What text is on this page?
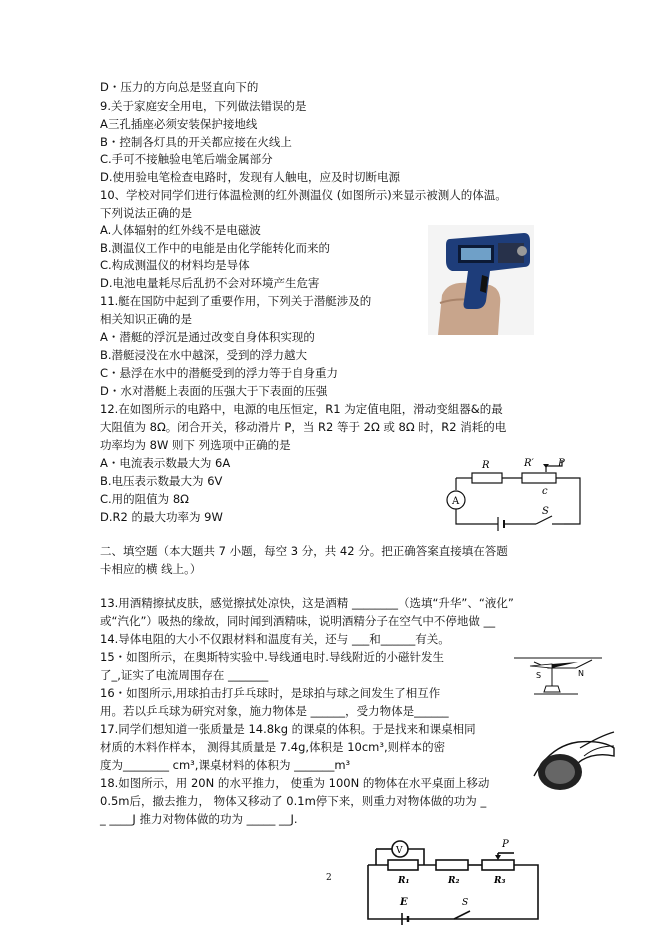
D・压力的方向总是竖直向下的
9.关于家庭安全用电，下列做法错误的是
A三孔插座必须安装保护接地线
B・控制各灯具的开关都应接在火线上
C.手可不接触验电笔后端金属部分
D.使用验电笔检查电路时，发现有人触电，应及时切断电源
10、学校对同学们进行体温检测的红外测温仪 (如图所示)来显示被测人的体温。
下列说法正确的是
A.人体辐射的红外线不是电磁波
B.测温仪工作中的电能是由化学能转化而来的
C.构成测温仪的材料均是导体
D.电池电量耗尽后乱扔不会对环境产生危害
11.艇在国防中起到了重要作用，下列关于潜艇涉及的
相关知识正确的是
A・潜艇的浮沉是通过改变自身体积实现的
B.潜艇浸没在水中越深，受到的浮力越大
C・悬浮在水中的潜艇受到的浮力等于自身重力
D・水对潜艇上表面的压强大于下表面的压强
12.在如图所示的电路中，电源的电压恒定，R1 为定值电阻，滑动变組器&的最
大阻值为 8Ω。闭合开关，移动滑片 P，当 R2 等于 2Ω 或 8Ω 时，R2 消耗的电
功率均为 8W 则下 列选项中正确的是
A・电流表示数最大为 6A
B.电压表示数最大为 6V
C.用的阻值为 8Ω
D.R2 的最大功率为 9W
二、填空题（本大题共 7 小题，每空 3 分，共 42 分。把正确答案直接填在答题
卡相应的横 线上。）
13.用酒精擦拭皮肤，感觉擦拭处凉快，这是酒精 ________（选填“升华”、“液化”
或“汽化”）吸热的缘故，同时闻到酒精味，说明酒精分子在空气中不停地做 __
14.导体电阻的大小不仅跟材料和温度有关，还与 ___和______有关。
15・如图所示，在奥斯特实验中.导线通电时.导线附近的小磁针发生
了_,证实了电流周围存在 _______
16・如图所示,用球拍击打乒乓球时，是球拍与球之间发生了相互作
用。若以乒乓球为研究对象，施力物体是 ______，受力物体是______
17.同学们想知道一张质量是 14.8kg 的课桌的体积。于是找来和课桌相同
材质的木料作样本， 测得其质量是 7.4g,体积是 10cm³,则样本的密
度为________ cm³,课桌材料的体积为 _______m³
18.如图所示，用 20N 的水平推力， 使重为 100N 的物体在水平桌面上移动
0.5m后，撤去推力， 物体又移动了 0.1m停下来，则重力对物体做的功为 _
_ ____J 推力对物体做的功为 _____ __J.
R	R′ P
c
A
S
S	N
V
P
R₁	R₂	R₃
E	S
2
